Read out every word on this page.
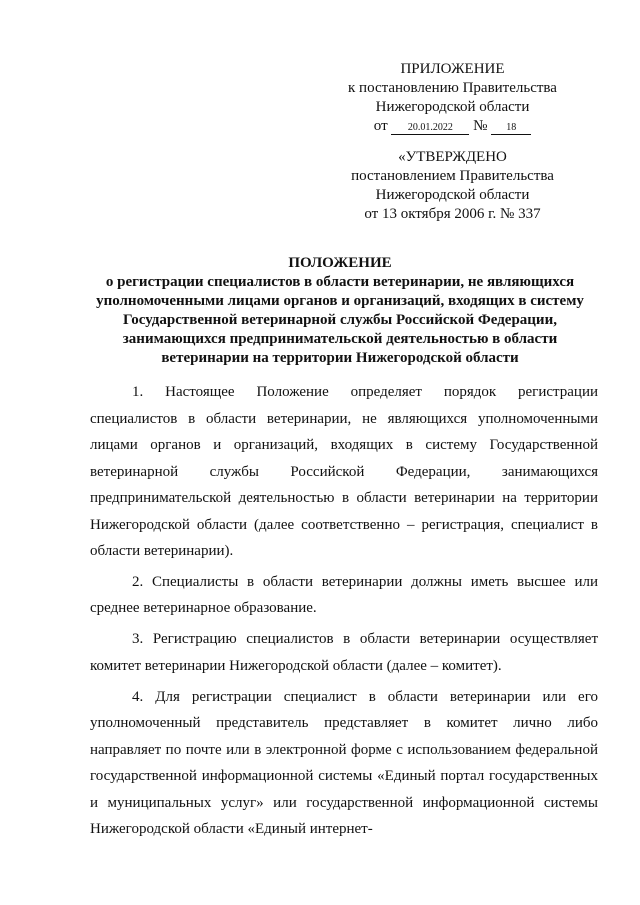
ПРИЛОЖЕНИЕ
к постановлению Правительства
Нижегородской области
от 20.01.2022 № 18
«УТВЕРЖДЕНО
постановлением Правительства
Нижегородской области
от 13 октября 2006 г. № 337
ПОЛОЖЕНИЕ
о регистрации специалистов в области ветеринарии, не являющихся
уполномоченными лицами органов и организаций, входящих в систему
Государственной ветеринарной службы Российской Федерации,
занимающихся предпринимательской деятельностью в области
ветеринарии на территории Нижегородской области

1. Настоящее Положение определяет порядок регистрации специалистов в области ветеринарии, не являющихся уполномоченными лицами органов и организаций, входящих в систему Государственной ветеринарной службы Российской Федерации, занимающихся предпринимательской деятельностью в области ветеринарии на территории Нижегородской области (далее соответственно – регистрация, специалист в области ветеринарии).

2. Специалисты в области ветеринарии должны иметь высшее или среднее ветеринарное образование.

3. Регистрацию специалистов в области ветеринарии осуществляет комитет ветеринарии Нижегородской области (далее – комитет).

4. Для регистрации специалист в области ветеринарии или его уполномоченный представитель представляет в комитет лично либо направляет по почте или в электронной форме с использованием федеральной государственной информационной системы «Единый портал государственных и муниципальных услуг» или государственной информационной системы Нижегородской области «Единый интернет-
